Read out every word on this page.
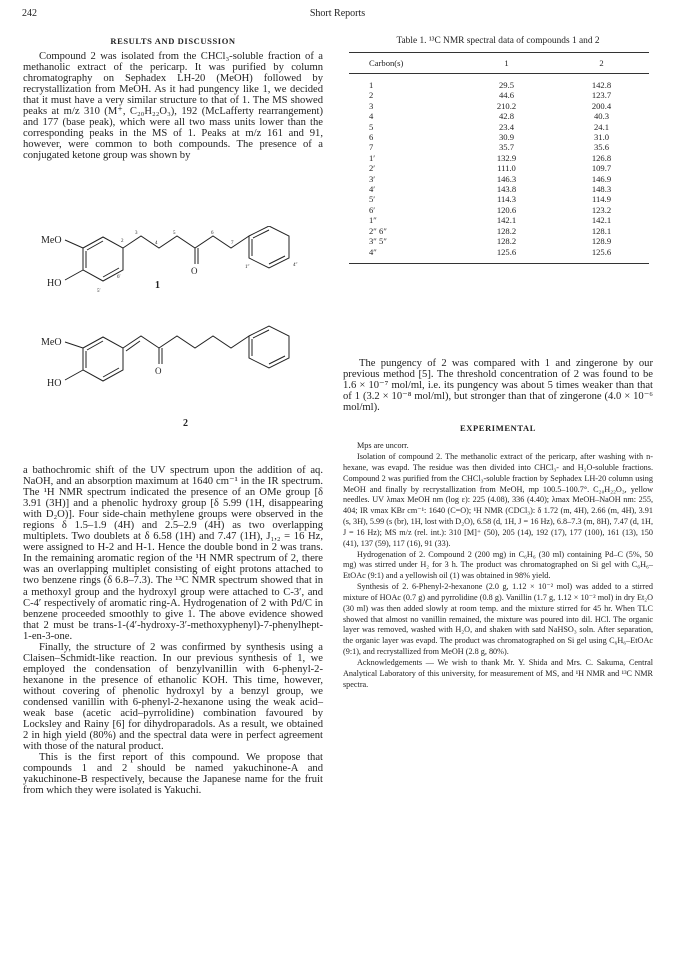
242	Short Reports
RESULTS AND DISCUSSION

Compound 2 was isolated from the CHCl₃-soluble fraction of a methanolic extract of the pericarp. It was purified by column chromatography on Sephadex LH-20 (MeOH) followed by recrystallization from MeOH. As it had pungency like 1, we decided that it must have a very similar structure to that of 1. The MS showed peaks at m/z 310 (M⁺, C₂₀H₂₂O₃), 192 (McLafferty rearrangement) and 177 (base peak), which were all two mass units lower than the corresponding peaks in the MS of 1. Peaks at m/z 161 and 91, however, were common to both compounds. The presence of a conjugated ketone group was shown by

MeO
HO
O
2
3
4
5	6
7
1″	4″
5′
6′
1
MeO
HO
O
2

a bathochromic shift of the UV spectrum upon the addition of aq. NaOH, and an absorption maximum at 1640 cm⁻¹ in the IR spectrum. The ¹H NMR spectrum indicated the presence of an OMe group [δ 3.91 (3H)] and a phenolic hydroxy group [δ 5.99 (1H, disappearing with D₂O)]. Four side-chain methylene groups were observed in the regions δ 1.5–1.9 (4H) and 2.5–2.9 (4H) as two overlapping multiplets. Two doublets at δ 6.58 (1H) and 7.47 (1H), J₁,₂ = 16 Hz, were assigned to H-2 and H-1. Hence the double bond in 2 was trans. In the remaining aromatic region of the ¹H NMR spectrum of 2, there was an overlapping multiplet consisting of eight protons attached to two benzene rings (δ 6.8–7.3). The ¹³C NMR spectrum showed that in a methoxyl group and the hydroxyl group were attached to C-3′, and C-4′ respectively of aromatic ring-A. Hydrogenation of 2 with Pd/C in benzene proceeded smoothly to give 1. The above evidence showed that 2 must be trans-1-(4′-hydroxy-3′-methoxyphenyl)-7-phenylhept-1-en-3-one.

Finally, the structure of 2 was confirmed by synthesis using a Claisen–Schmidt-like reaction. In our previous synthesis of 1, we employed the condensation of benzylvanillin with 6-phenyl-2-hexanone in the presence of ethanolic KOH. This time, however, without covering of phenolic hydroxyl by a benzyl group, we condensed vanillin with 6-phenyl-2-hexanone using the weak acid–weak base (acetic acid–pyrrolidine) combination favoured by Locksley and Rainy [6] for dihydroparadols. As a result, we obtained 2 in high yield (80%) and the spectral data were in perfect agreement with those of the natural product.

This is the first report of this compound. We propose that compounds 1 and 2 should be named yakuchinone-A and yakuchinone-B respectively, because the Japanese name for the fruit from which they were isolated is Yakuchi.

Table 1. ¹³C NMR spectral data of compounds 1 and 2
Carbon(s)	1	2
1	29.5	142.8
2	44.6	123.7
3	210.2	200.4
4	42.8	40.3
5	23.4	24.1
6	30.9	31.0
7	35.7	35.6
1′	132.9	126.8
2′	111.0	109.7
3′	146.3	146.9
4′	143.8	148.3
5′	114.3	114.9
6′	120.6	123.2
1″	142.1	142.1
2″ 6″	128.2	128.1
3″ 5″	128.2	128.9
4″	125.6	125.6

The pungency of 2 was compared with 1 and zingerone by our previous method [5]. The threshold concentration of 2 was found to be 1.6 × 10⁻⁷ mol/ml, i.e. its pungency was about 5 times weaker than that of 1 (3.2 × 10⁻⁸ mol/ml), but stronger than that of zingerone (4.0 × 10⁻⁶ mol/ml).

EXPERIMENTAL

Mps are uncorr.

Isolation of compound 2. The methanolic extract of the pericarp, after washing with n-hexane, was evapd. The residue was then divided into CHCl₃- and H₂O-soluble fractions. Compound 2 was purified from the CHCl₃-soluble fraction by Sephadex LH-20 column using MeOH and finally by recrystallization from MeOH, mp 100.5–100.7°. C₂₀H₂₂O₃, yellow needles. UV λmax MeOH nm (log ε): 225 (4.08), 336 (4.40); λmax MeOH–NaOH nm: 255, 404; IR νmax KBr cm⁻¹: 1640 (C=O); ¹H NMR (CDCl₃): δ 1.72 (m, 4H), 2.66 (m, 4H), 3.91 (s, 3H), 5.99 (s (br), 1H, lost with D₂O), 6.58 (d, 1H, J = 16 Hz), 6.8–7.3 (m, 8H), 7.47 (d, 1H, J = 16 Hz); MS m/z (rel. int.): 310 [M]⁺ (50), 205 (14), 192 (17), 177 (100), 161 (13), 150 (41), 137 (59), 117 (16), 91 (33).

Hydrogenation of 2. Compound 2 (200 mg) in C₆H₆ (30 ml) containing Pd–C (5%, 50 mg) was stirred under H₂ for 3 h. The product was chromatographed on Si gel with C₆H₆–EtOAc (9:1) and a yellowish oil (1) was obtained in 98% yield.

Synthesis of 2. 6-Phenyl-2-hexanone (2.0 g, 1.12 × 10⁻² mol) was added to a stirred mixture of HOAc (0.7 g) and pyrrolidine (0.8 g). Vanillin (1.7 g, 1.12 × 10⁻² mol) in dry Et₂O (30 ml) was then added slowly at room temp. and the mixture stirred for 45 hr. When TLC showed that almost no vanillin remained, the mixture was poured into dil. HCl. The organic layer was removed, washed with H₂O, and shaken with satd NaHSO₃ soln. After separation, the organic layer was evapd. The product was chromatographed on Si gel using C₆H₆–EtOAc (9:1), and recrystallized from MeOH (2.8 g, 80%).

Acknowledgements — We wish to thank Mr. Y. Shida and Mrs. C. Sakuma, Central Analytical Laboratory of this university, for measurement of MS, and ¹H NMR and ¹³C NMR spectra.
